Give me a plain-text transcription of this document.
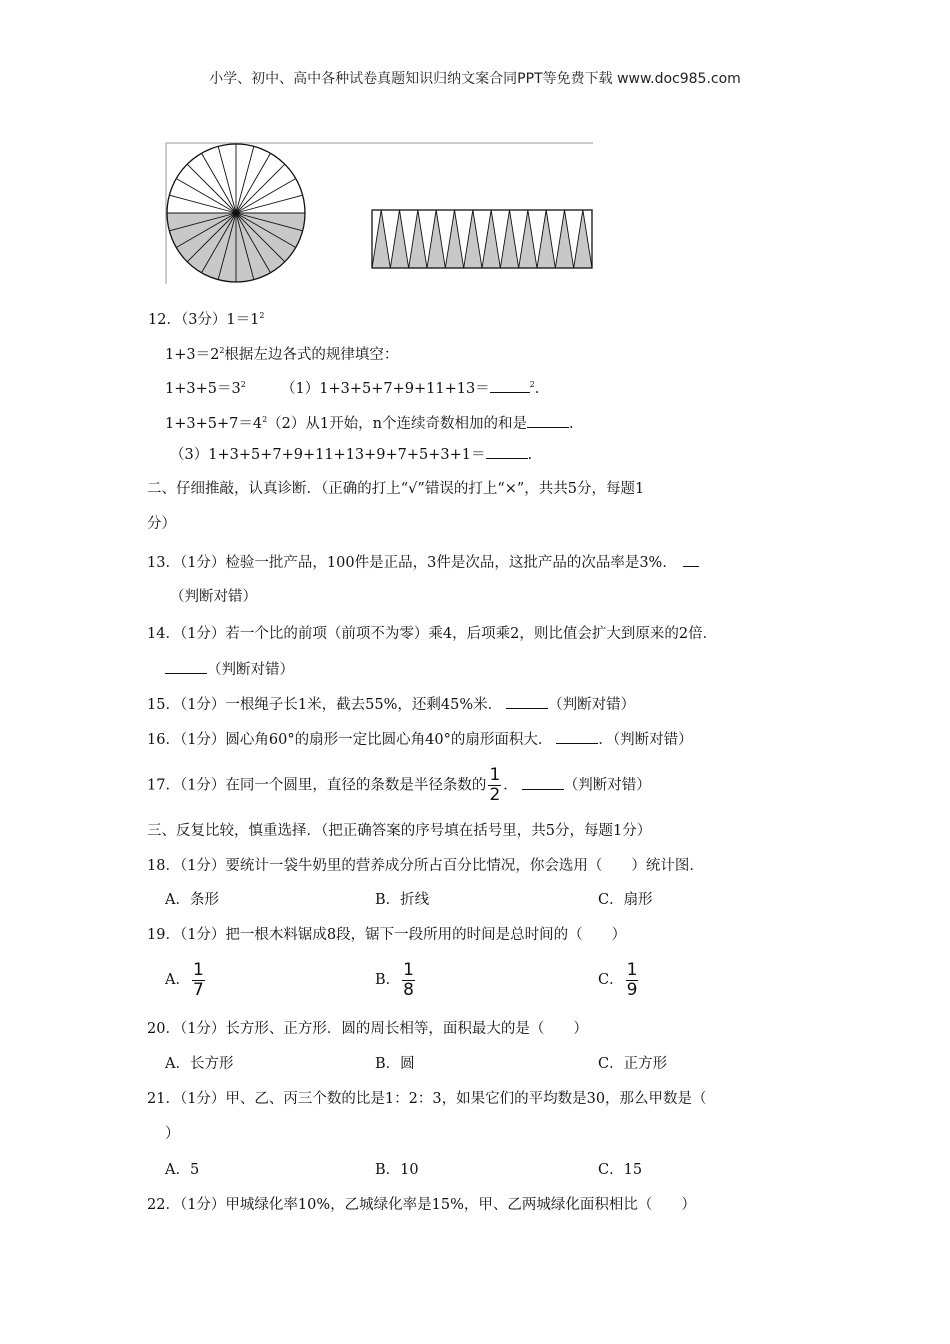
小学、初中、高中各种试卷真题知识归纳文案合同PPT等免费下载 www.doc985.com
12．（3分）$1=1^2$
$1+3=2^2$根据左边各式的规律填空：
$1+3+5=3^2$ （1）1+3+5+7+9+11+13＝	$^2$.
$1+3+5+7=4^2(2)$从1开始，n个连续奇数相加的和是	.
（3）1+3+5+7+9+11+13+9+7+5+3+1＝	.
二、仔细推敲，认真诊断．（正确的打上“√”错误的打上“×”，共共5分，每题1
分）
13．（1分）检验一批产品，100件是正品，3件是次品，这批产品的次品率是3%．
（判断对错）
14．（1分）若一个比的前项（前项不为零）乘4，后项乘2，则比值会扩大到原来的2倍．
（判断对错）
15．（1分）一根绳子长1米，截去55%，还剩45%米．	（判断对错）
16．（1分）圆心角60°的扇形一定比圆心角40°的扇形面积大．	．（判断对错）
17．（1分）在同一个圆里，直径的条数是半径条数的 $\frac{1}{2}$ ．	（判断对错）
三、反复比较，慎重选择．（把正确答案的序号填在括号里，共5分，每题1分）
18．（1分）要统计一袋牛奶里的营养成分所占百分比情况，你会选用（　　）统计图．
A．条形	B．折线	C．扇形
19．（1分）把一根木料锯成8段，锯下一段所用的时间是总时间的（　　）
A． $\frac{1}{7}$	B． $\frac{1}{8}$	C． $\frac{1}{9}$
20．（1分）长方形、正方形．圆的周长相等，面积最大的是（　　）
A．长方形	B．圆	C．正方形
21．（1分）甲、乙、丙三个数的比是1：2：3，如果它们的平均数是30，那么甲数是（
）
A．5	B．10	C．15
22．（1分）甲城绿化率10%，乙城绿化率是15%，甲、乙两城绿化面积相比（　　）
